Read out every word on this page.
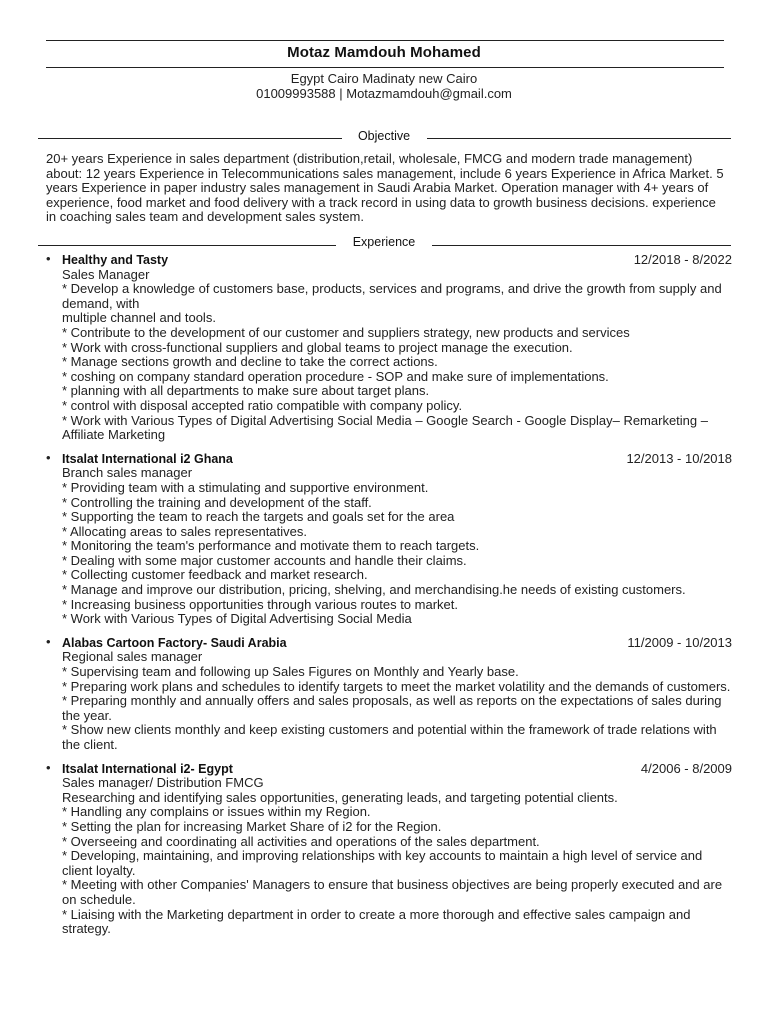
Motaz Mamdouh Mohamed
Egypt Cairo Madinaty new Cairo
01009993588 | Motazmamdouh@gmail.com
Objective
20+ years Experience in sales department (distribution,retail, wholesale, FMCG and modern trade management) about: 12 years Experience in Telecommunications sales management, include 6 years Experience in Africa Market. 5 years Experience in paper industry sales management in Saudi Arabia Market. Operation manager with 4+ years of experience, food market and food delivery with a track record in using data to growth business decisions. experience in coaching sales team and development sales system.
Experience
• Healthy and Tasty	12/2018 - 8/2022
Sales Manager
* Develop a knowledge of customers base, products, services and programs, and drive the growth from supply and demand, with
multiple channel and tools.
* Contribute to the development of our customer and suppliers strategy, new products and services
* Work with cross-functional suppliers and global teams to project manage the execution.
* Manage sections growth and decline to take the correct actions.
* coshing on company standard operation procedure - SOP and make sure of implementations.
* planning with all departments to make sure about target plans.
* control with disposal accepted ratio compatible with company policy.
* Work with Various Types of Digital Advertising Social Media – Google Search - Google Display– Remarketing – Affiliate Marketing
• Itsalat International i2 Ghana	12/2013 - 10/2018
Branch sales manager
* Providing team with a stimulating and supportive environment.
* Controlling the training and development of the staff.
* Supporting the team to reach the targets and goals set for the area
* Allocating areas to sales representatives.
* Monitoring the team's performance and motivate them to reach targets.
* Dealing with some major customer accounts and handle their claims.
* Collecting customer feedback and market research.
* Manage and improve our distribution, pricing, shelving, and merchandising.he needs of existing customers.
* Increasing business opportunities through various routes to market.
* Work with Various Types of Digital Advertising Social Media
• Alabas Cartoon Factory- Saudi Arabia	11/2009 - 10/2013
Regional sales manager
* Supervising team and following up Sales Figures on Monthly and Yearly base.
* Preparing work plans and schedules to identify targets to meet the market volatility and the demands of customers.
* Preparing monthly and annually offers and sales proposals, as well as reports on the expectations of sales during the year.
* Show new clients monthly and keep existing customers and potential within the framework of trade relations with the client.
• Itsalat International i2- Egypt	4/2006 - 8/2009
Sales manager/ Distribution FMCG
Researching and identifying sales opportunities, generating leads, and targeting potential clients.
* Handling any complains or issues within my Region.
* Setting the plan for increasing Market Share of i2 for the Region.
* Overseeing and coordinating all activities and operations of the sales department.
* Developing, maintaining, and improving relationships with key accounts to maintain a high level of service and client loyalty.
* Meeting with other Companies' Managers to ensure that business objectives are being properly executed and are on schedule.
* Liaising with the Marketing department in order to create a more thorough and effective sales campaign and strategy.
